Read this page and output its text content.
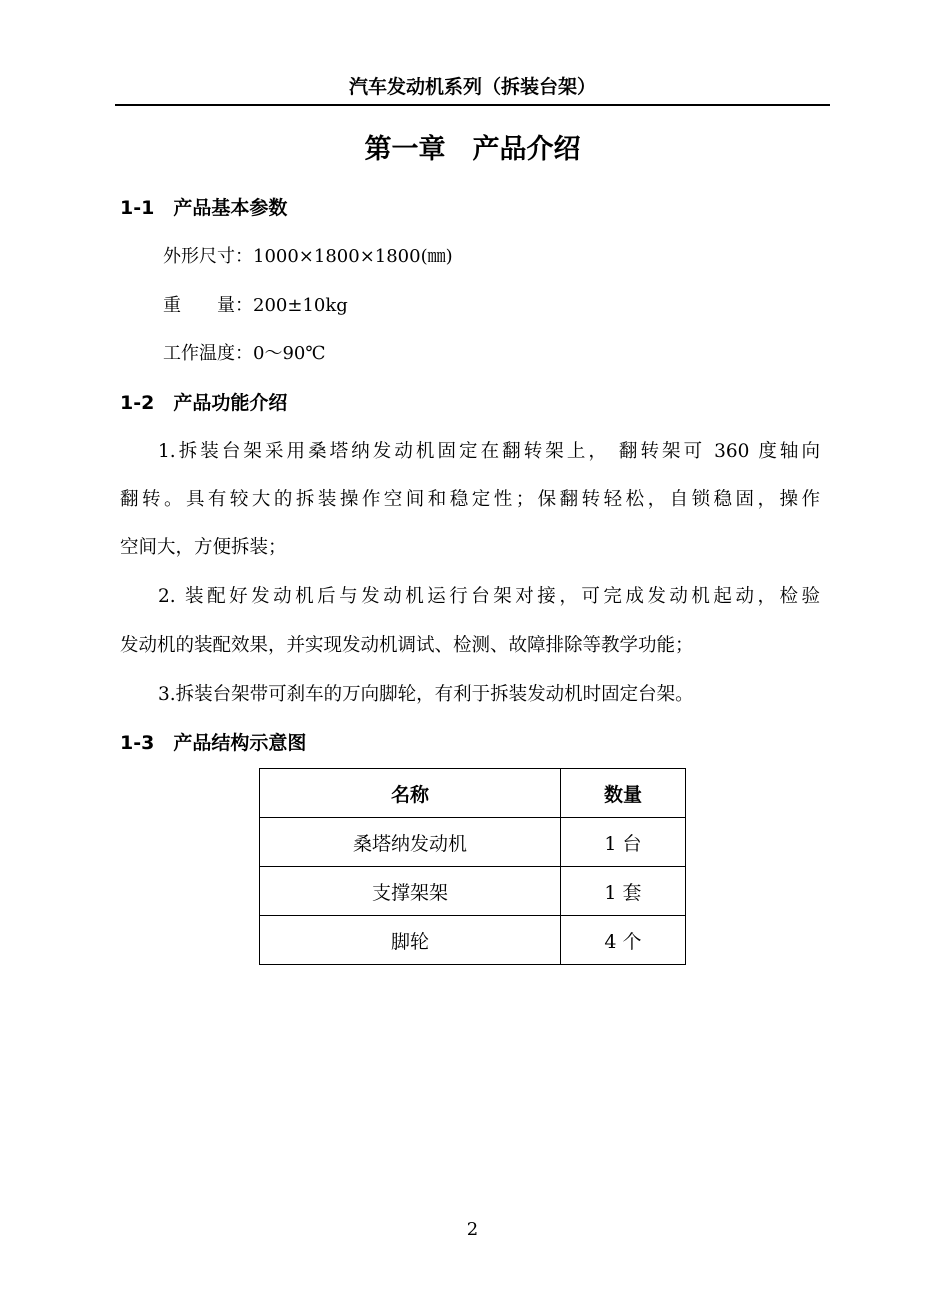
汽车发动机系列（拆装台架）
第一章　产品介绍
1-1　产品基本参数
外形尺寸：1000×1800×1800(㎜)
重　　量：200±10kg
工作温度：0～90℃
1-2　产品功能介绍
1.拆装台架采用桑塔纳发动机固定在翻转架上， 翻转架可 360 度轴向
翻转。具有较大的拆装操作空间和稳定性；保翻转轻松，自锁稳固，操作
空间大，方便拆装；
2. 装配好发动机后与发动机运行台架对接，可完成发动机起动，检验
发动机的装配效果，并实现发动机调试、检测、故障排除等教学功能；
3.拆装台架带可刹车的万向脚轮，有利于拆装发动机时固定台架。
1-3　产品结构示意图
名称	数量
桑塔纳发动机	1 台
支撑架架	1 套
脚轮	4 个
2
